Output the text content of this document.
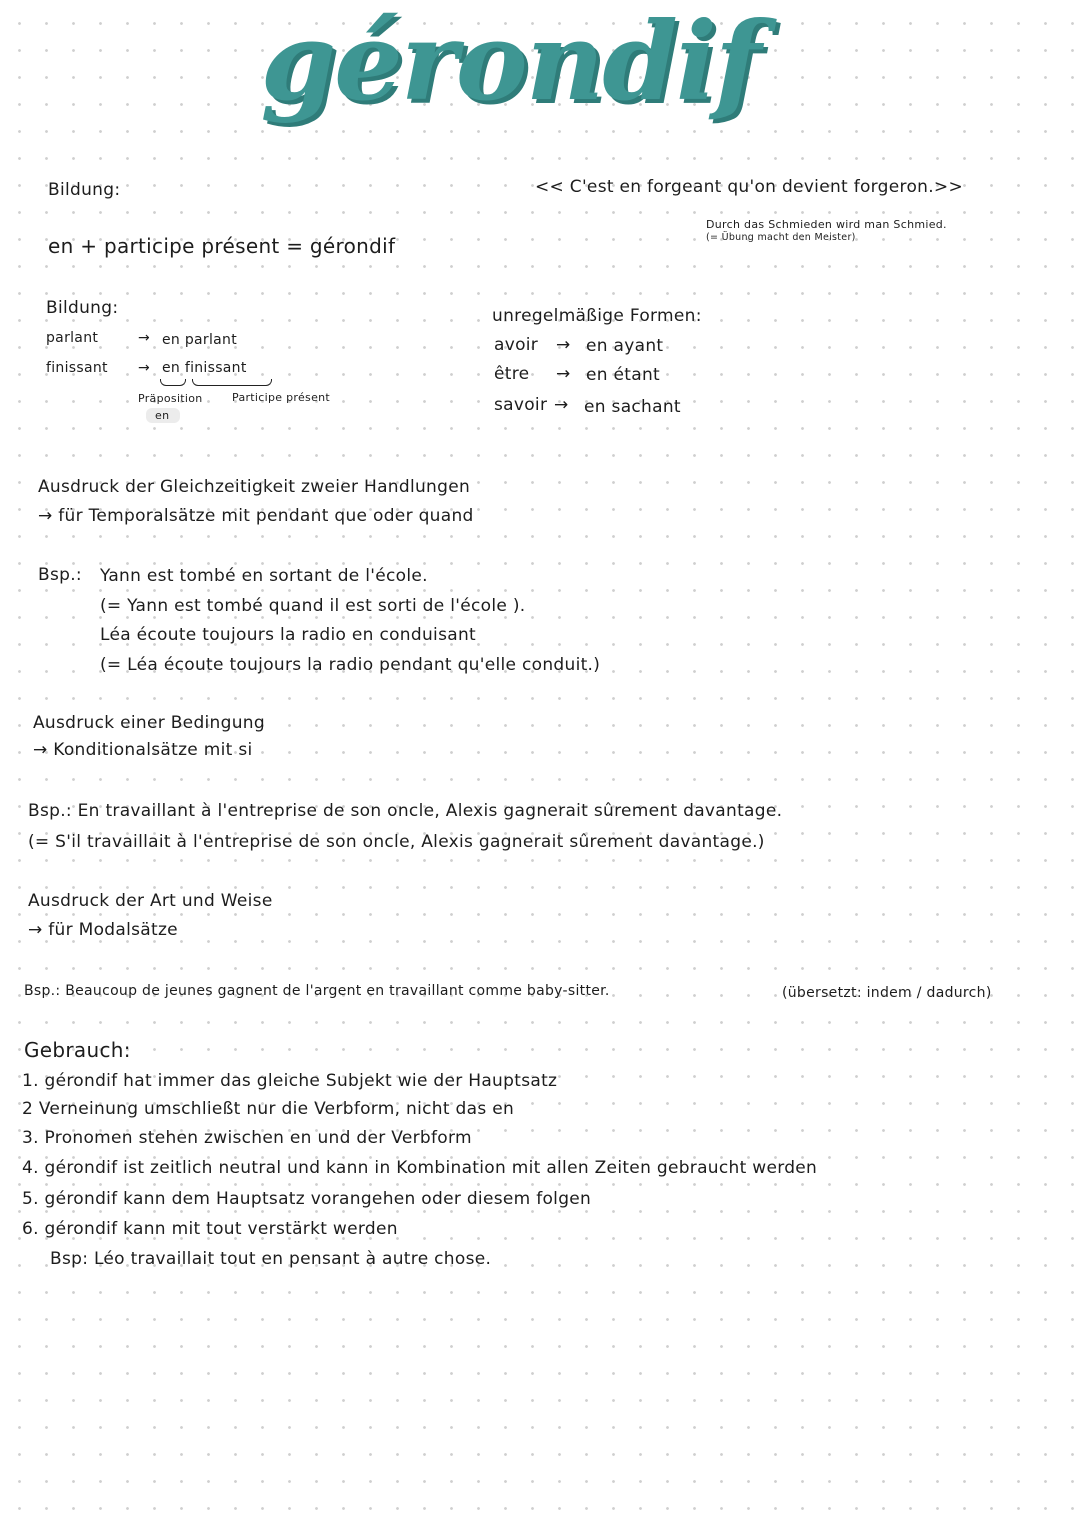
gérondif
Bildung:
en + participe présent = gérondif
<< C'est en forgeant qu'on devient forgeron.>>
Durch das Schmieden wird man Schmied.
(= Übung macht den Meister)
Bildung:
parlant	→ en parlant
finissant → en finissant
Präposition
en
Participe présent
unregelmäßige Formen:
avoir → en ayant
être → en étant
savoir → en sachant
Ausdruck der Gleichzeitigkeit zweier Handlungen
→ für Temporalsätze mit pendant que oder quand
Bsp.: Yann est tombé en sortant de l'école.
(= Yann est tombé quand il est sorti de l'école ).
Léa écoute toujours la radio en conduisant
(= Léa écoute toujours la radio pendant qu'elle conduit.)
Ausdruck einer Bedingung
→ Konditionalsätze mit si
Bsp.: En travaillant à l'entreprise de son oncle, Alexis gagnerait sûrement davantage.
(= S'il travaillait à l'entreprise de son oncle, Alexis gagnerait sûrement davantage.)
Ausdruck der Art und Weise
→ für Modalsätze
Bsp.: Beaucoup de jeunes gagnent de l'argent en travaillant comme baby-sitter.	(übersetzt: indem / dadurch)
Gebrauch:
1. gérondif hat immer das gleiche Subjekt wie der Hauptsatz
2 Verneinung umschließt nur die Verbform, nicht das en
3. Pronomen stehen zwischen en und der Verbform
4. gérondif ist zeitlich neutral und kann in Kombination mit allen Zeiten gebraucht werden
5. gérondif kann dem Hauptsatz vorangehen oder diesem folgen
6. gérondif kann mit tout verstärkt werden
Bsp: Léo travaillait tout en pensant à autre chose.
